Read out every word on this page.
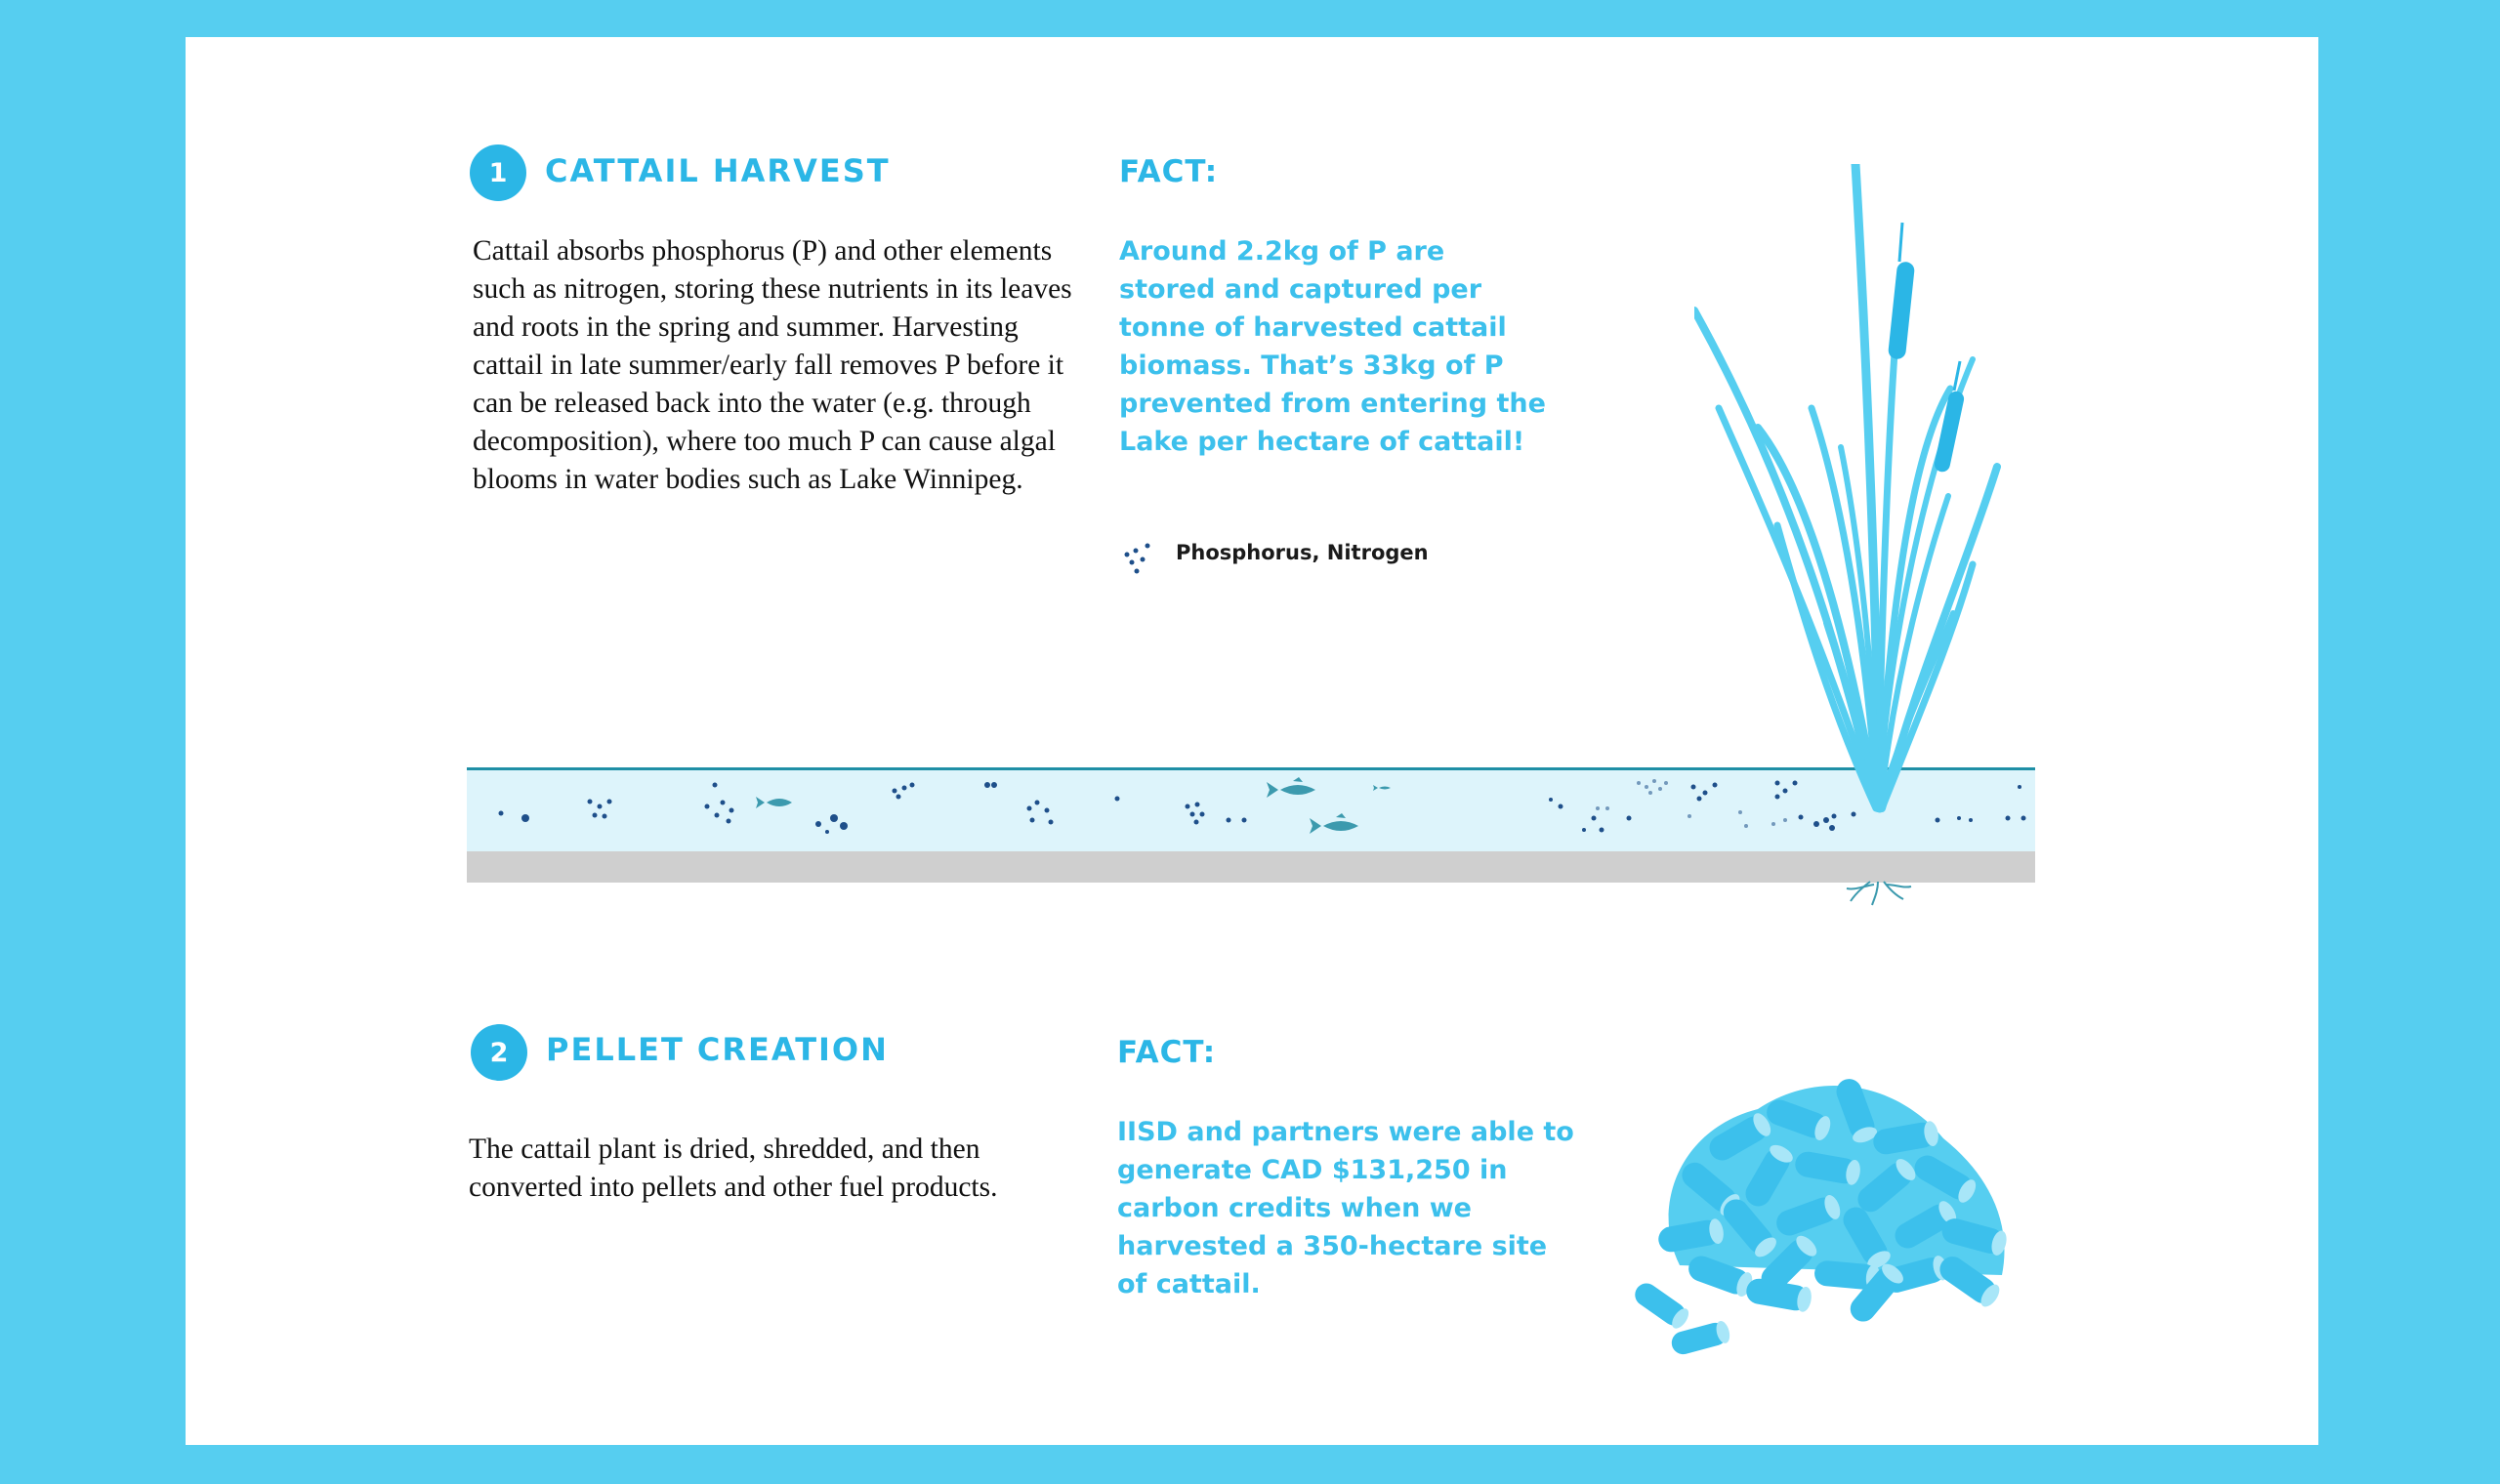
1	CATTAIL HARVEST
Cattail absorbs phosphorus (P) and other elements such as nitrogen, storing these nutrients in its leaves and roots in the spring and summer. Harvesting cattail in late summer/early fall removes P before it can be released back into the water (e.g. through decomposition), where too much P can cause algal blooms in water bodies such as Lake Winnipeg.
FACT:
Around 2.2kg of P are stored and captured per tonne of harvested cattail biomass. That’s 33kg of P prevented from entering the Lake per hectare of cattail!
Phosphorus, Nitrogen
2	PELLET CREATION
The cattail plant is dried, shredded, and then converted into pellets and other fuel products.
FACT:
IISD and partners were able to generate CAD $131,250 in carbon credits when we harvested a 350-hectare site of cattail.
